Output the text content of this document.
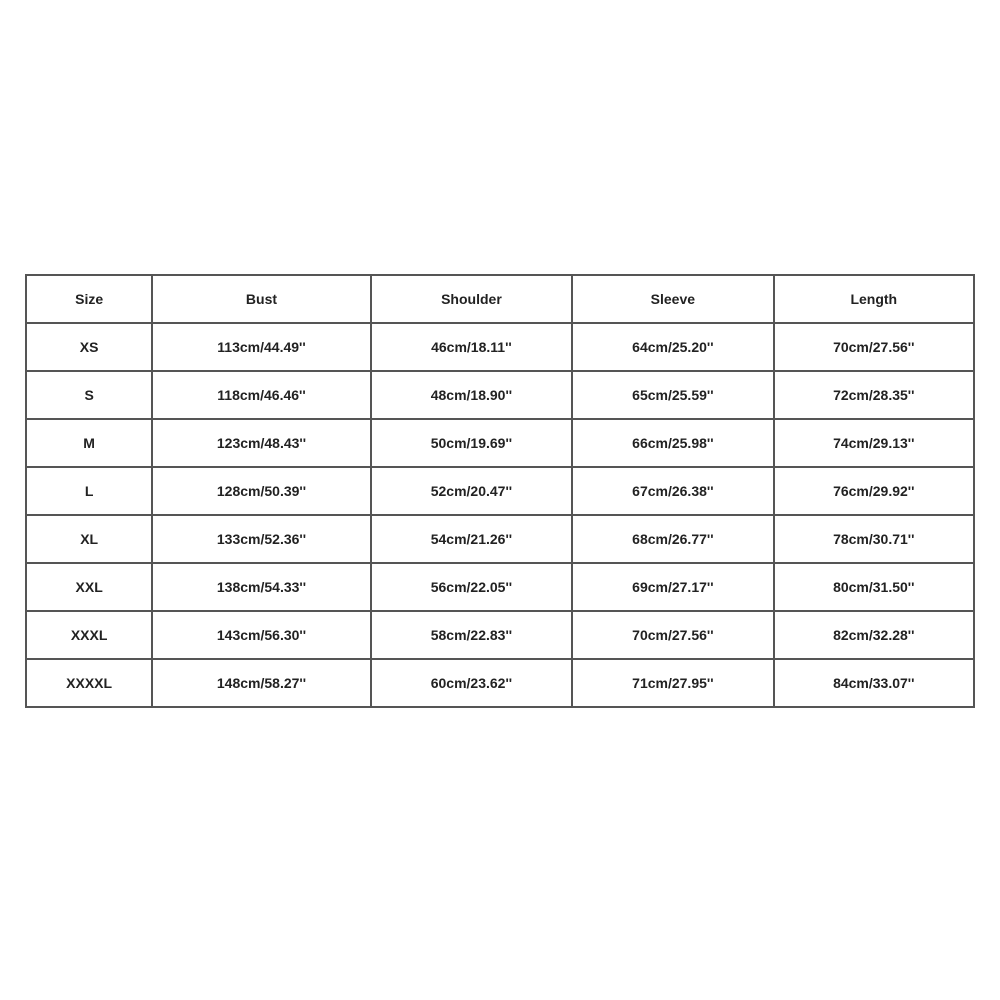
Size	Bust	Shoulder	Sleeve	Length
XS	113cm/44.49''	46cm/18.11''	64cm/25.20''	70cm/27.56''
S	118cm/46.46''	48cm/18.90''	65cm/25.59''	72cm/28.35''
M	123cm/48.43''	50cm/19.69''	66cm/25.98''	74cm/29.13''
L	128cm/50.39''	52cm/20.47''	67cm/26.38''	76cm/29.92''
XL	133cm/52.36''	54cm/21.26''	68cm/26.77''	78cm/30.71''
XXL	138cm/54.33''	56cm/22.05''	69cm/27.17''	80cm/31.50''
XXXL	143cm/56.30''	58cm/22.83''	70cm/27.56''	82cm/32.28''
XXXXL	148cm/58.27''	60cm/23.62''	71cm/27.95''	84cm/33.07''
